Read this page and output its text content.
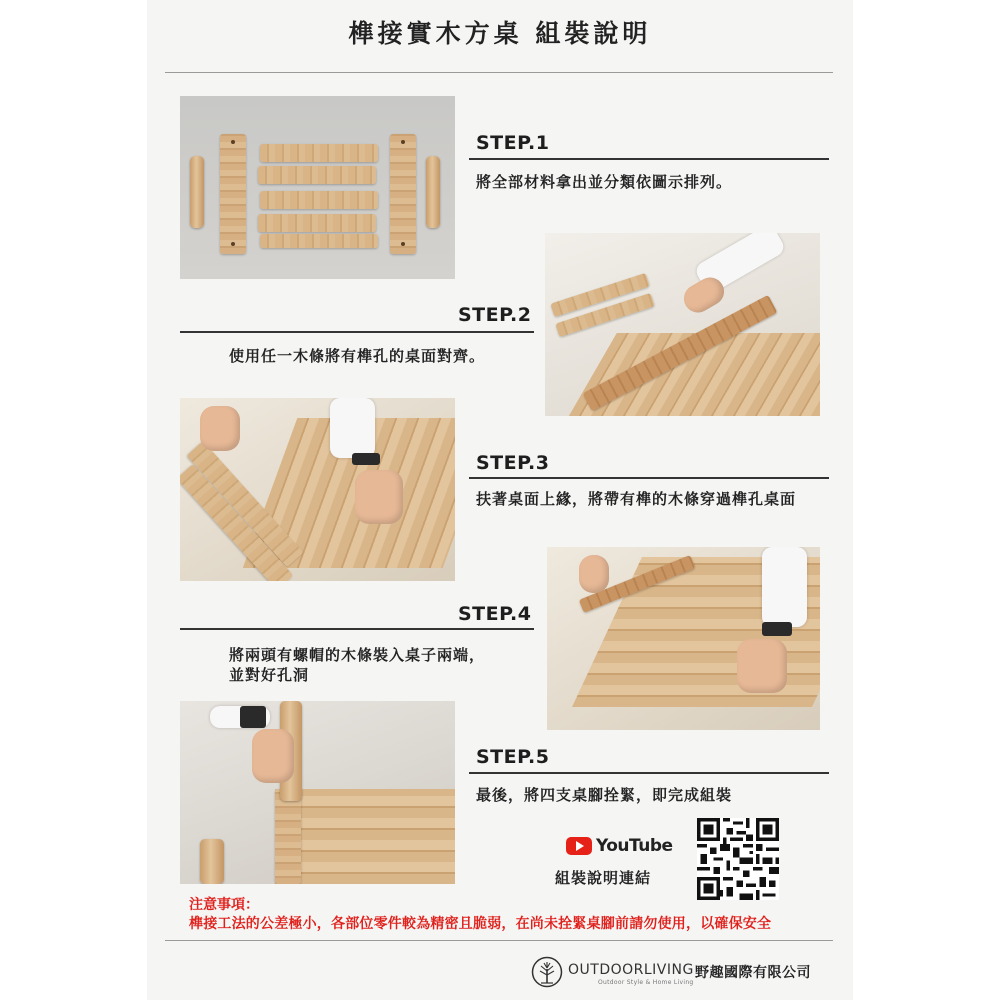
榫接實木方桌 組裝說明
STEP.1
將全部材料拿出並分類依圖示排列。
STEP.2
使用任一木條將有榫孔的桌面對齊。
STEP.3
扶著桌面上緣，將帶有榫的木條穿過榫孔桌面
STEP.4
將兩頭有螺帽的木條裝入桌子兩端，
並對好孔洞
STEP.5
最後，將四支桌腳拴緊，即完成組裝
YouTube
組裝說明連結
注意事項：
榫接工法的公差極小，各部位零件較為精密且脆弱，在尚未拴緊桌腳前請勿使用，以確保安全
OUTDOORLIVING
Outdoor Style & Home Living
野趣國際有限公司
